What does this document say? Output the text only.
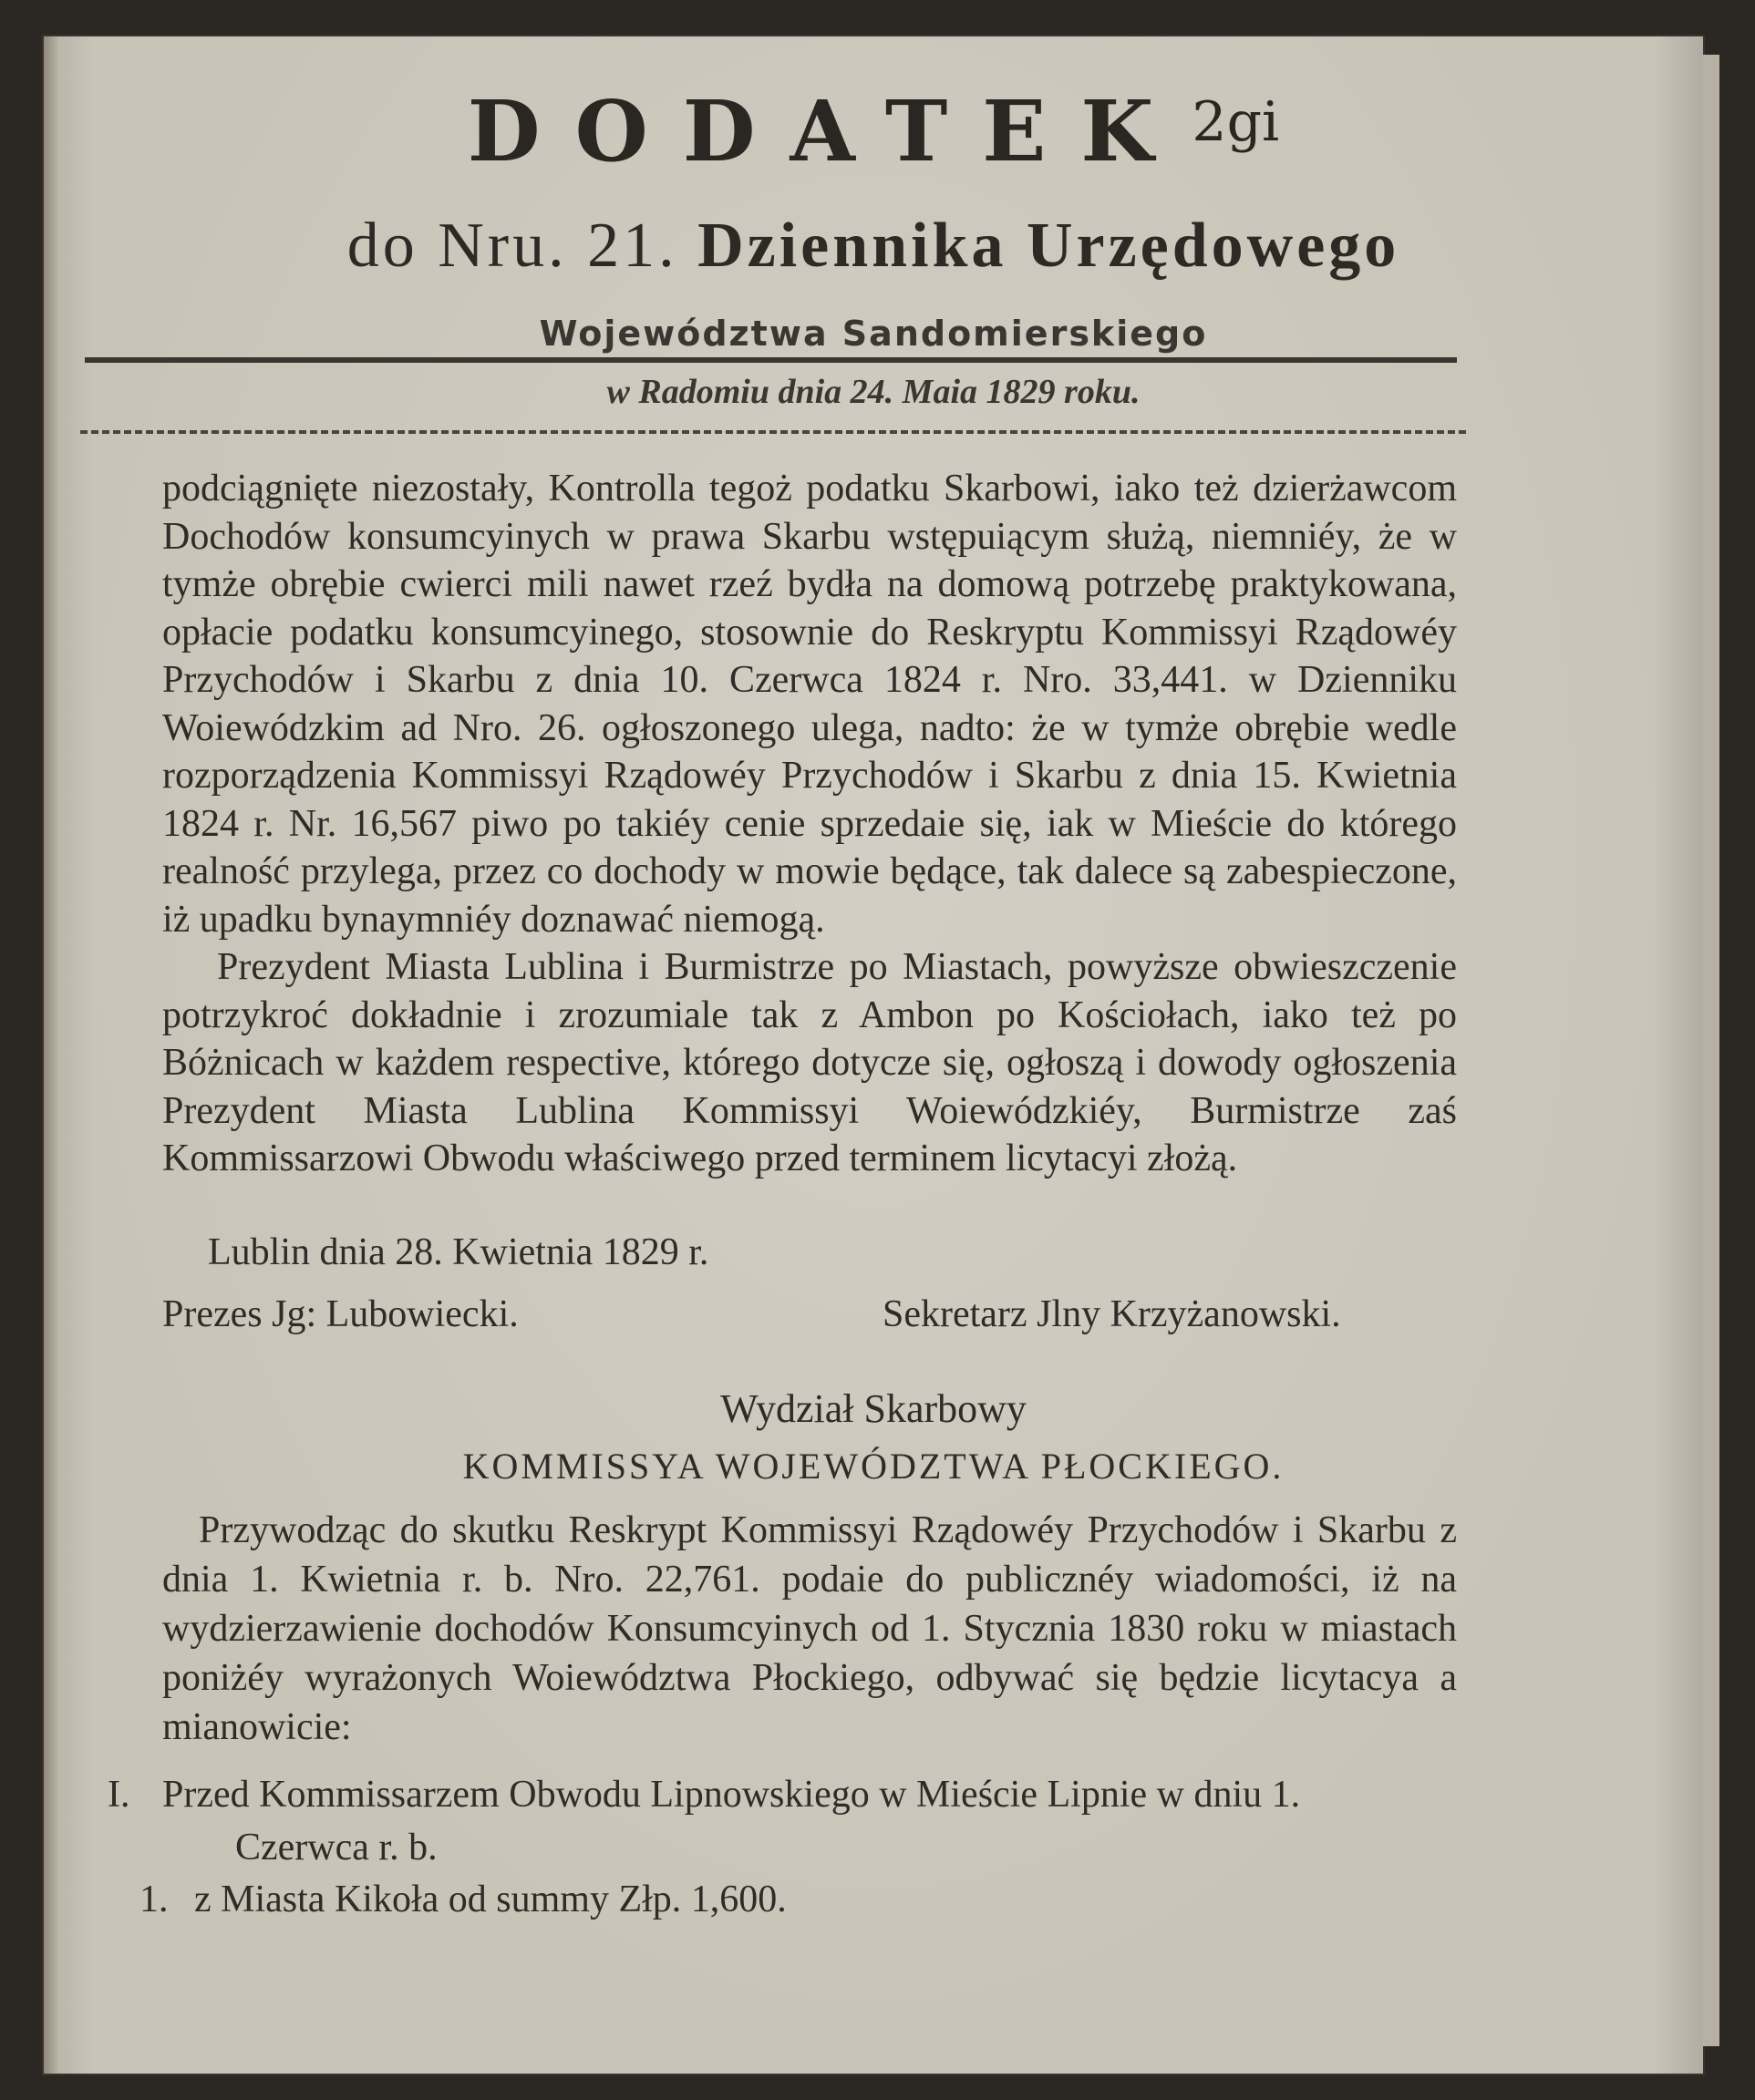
$DODATEK^{2gi}$
do Nru. 21. Dziennika Urzędowego
Województwa Sandomierskiego
w Radomiu dnia 24. Maia 1829 roku.

podciągnięte niezostały, Kontrolla tegoż podatku Skarbowi, iako też dzierżawcom Dochodów konsumcyinych w prawa Skarbu wstępuiącym służą, niemniéy, że w tymże obrębie cwierci mili nawet rzeź bydła na domową potrzebę praktykowana, opłacie podatku konsumcyinego, stosownie do Reskryptu Kommissyi Rządowéy Przychodów i Skarbu z dnia 10. Czerwca 1824 r. Nro. 33,441. w Dzienniku Woiewódzkim ad Nro. 26. ogłoszonego ulega, nadto: że w tymże obrębie wedle rozporządzenia Kommissyi Rządowéy Przychodów i Skarbu z dnia 15. Kwietnia 1824 r. Nr. 16,567 piwo po takiéy cenie sprzedaie się, iak w Mieście do którego realność przylega, przez co dochody w mowie będące, tak dalece są zabespieczone, iż upadku bynaymniéy doznawać niemogą.

Prezydent Miasta Lublina i Burmistrze po Miastach, powyższe obwieszczenie potrzykroć dokładnie i zrozumiale tak z Ambon po Kościołach, iako też po Bóżnicach w każdem respective, którego dotycze się, ogłoszą i dowody ogłoszenia Prezydent Miasta Lublina Kommissyi Woiewódzkiéy, Burmistrze zaś Kommissarzowi Obwodu właściwego przed terminem licytacyi złożą.

Lublin dnia 28. Kwietnia 1829 r.
Prezes Jg: Lubowiecki.	Sekretarz Jlny Krzyżanowski.
Wydział Skarbowy
KOMMISSYA WOJEWÓDZTWA PŁOCKIEGO.

Przywodząc do skutku Reskrypt Kommissyi Rządowéy Przychodów i Skarbu z dnia 1. Kwietnia r. b. Nro. 22,761. podaie do publicznéy wiadomości, iż na wydzierzawienie dochodów Konsumcyinych od 1. Stycznia 1830 roku w miastach poniżéy wyrażonych Woiewództwa Płockiego, odbywać się będzie licytacya a mianowicie:

I. Przed Kommissarzem Obwodu Lipnowskiego w Mieście Lipnie w dniu 1.
Czerwca r. b.
1. z Miasta Kikoła od summy Złp. 1,600.
